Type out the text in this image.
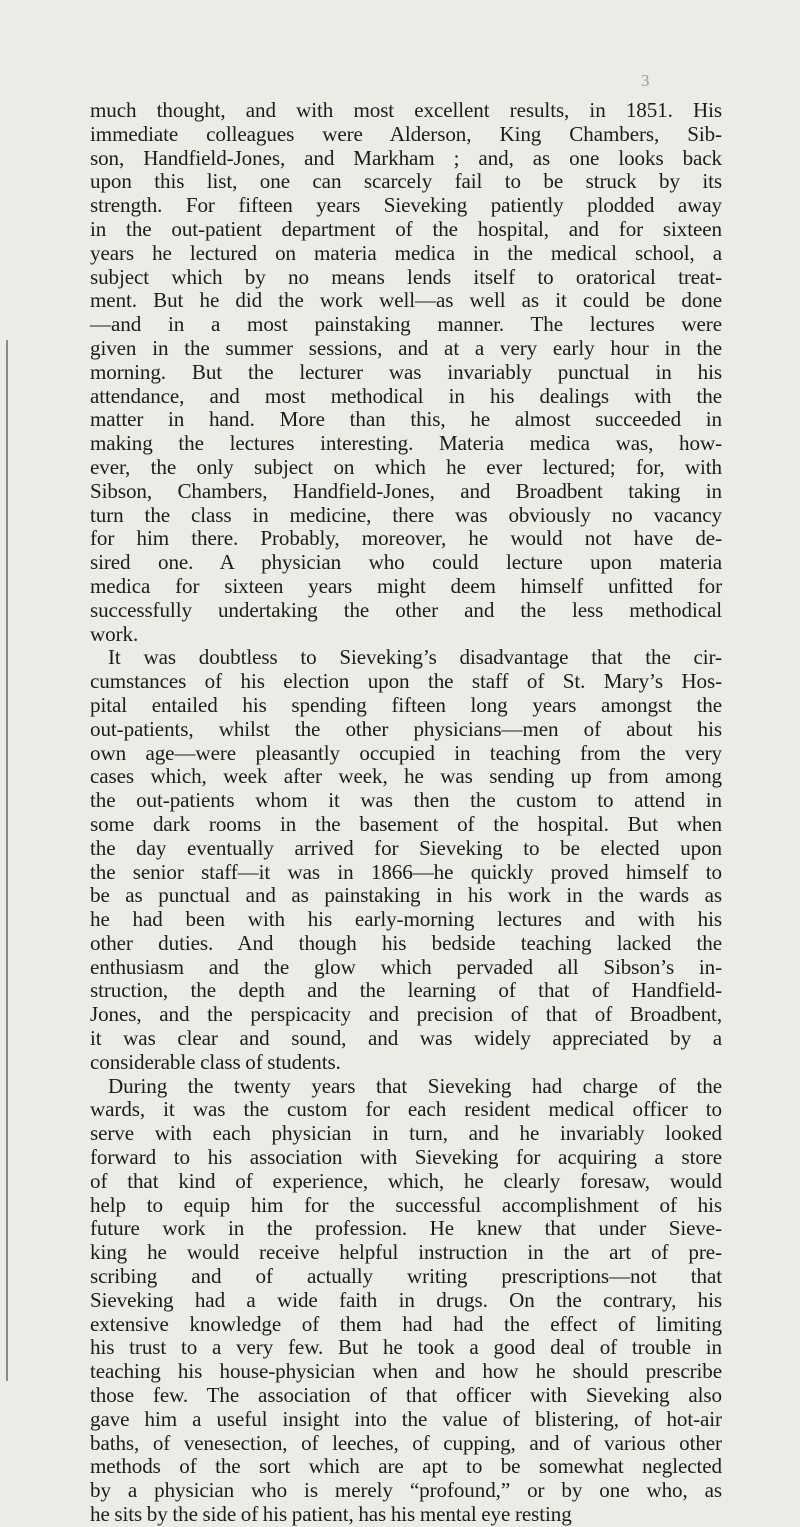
3
much thought, and with most excellent results, in 1851. His
immediate colleagues were Alderson, King Chambers, Sib-
son, Handfield-Jones, and Markham ; and, as one looks back
upon this list, one can scarcely fail to be struck by its
strength. For fifteen years Sieveking patiently plodded away
in the out-patient department of the hospital, and for sixteen
years he lectured on materia medica in the medical school, a
subject which by no means lends itself to oratorical treat-
ment. But he did the work well—as well as it could be done
—and in a most painstaking manner. The lectures were
given in the summer sessions, and at a very early hour in the
morning. But the lecturer was invariably punctual in his
attendance, and most methodical in his dealings with the
matter in hand. More than this, he almost succeeded in
making the lectures interesting. Materia medica was, how-
ever, the only subject on which he ever lectured; for, with
Sibson, Chambers, Handfield-Jones, and Broadbent taking in
turn the class in medicine, there was obviously no vacancy
for him there. Probably, moreover, he would not have de-
sired one. A physician who could lecture upon materia
medica for sixteen years might deem himself unfitted for
successfully undertaking the other and the less methodical
work.
It was doubtless to Sieveking’s disadvantage that the cir-
cumstances of his election upon the staff of St. Mary’s Hos-
pital entailed his spending fifteen long years amongst the
out-patients, whilst the other physicians—men of about his
own age—were pleasantly occupied in teaching from the very
cases which, week after week, he was sending up from among
the out-patients whom it was then the custom to attend in
some dark rooms in the basement of the hospital. But when
the day eventually arrived for Sieveking to be elected upon
the senior staff—it was in 1866—he quickly proved himself to
be as punctual and as painstaking in his work in the wards as
he had been with his early-morning lectures and with his
other duties. And though his bedside teaching lacked the
enthusiasm and the glow which pervaded all Sibson’s in-
struction, the depth and the learning of that of Handfield-
Jones, and the perspicacity and precision of that of Broadbent,
it was clear and sound, and was widely appreciated by a
considerable class of students.
During the twenty years that Sieveking had charge of the
wards, it was the custom for each resident medical officer to
serve with each physician in turn, and he invariably looked
forward to his association with Sieveking for acquiring a store
of that kind of experience, which, he clearly foresaw, would
help to equip him for the successful accomplishment of his
future work in the profession. He knew that under Sieve-
king he would receive helpful instruction in the art of pre-
scribing and of actually writing prescriptions—not that
Sieveking had a wide faith in drugs. On the contrary, his
extensive knowledge of them had had the effect of limiting
his trust to a very few. But he took a good deal of trouble in
teaching his house-physician when and how he should prescribe
those few. The association of that officer with Sieveking also
gave him a useful insight into the value of blistering, of hot-air
baths, of venesection, of leeches, of cupping, and of various other
methods of the sort which are apt to be somewhat neglected
by a physician who is merely “profound,” or by one who, as
he sits by the side of his patient, has his mental eye resting
